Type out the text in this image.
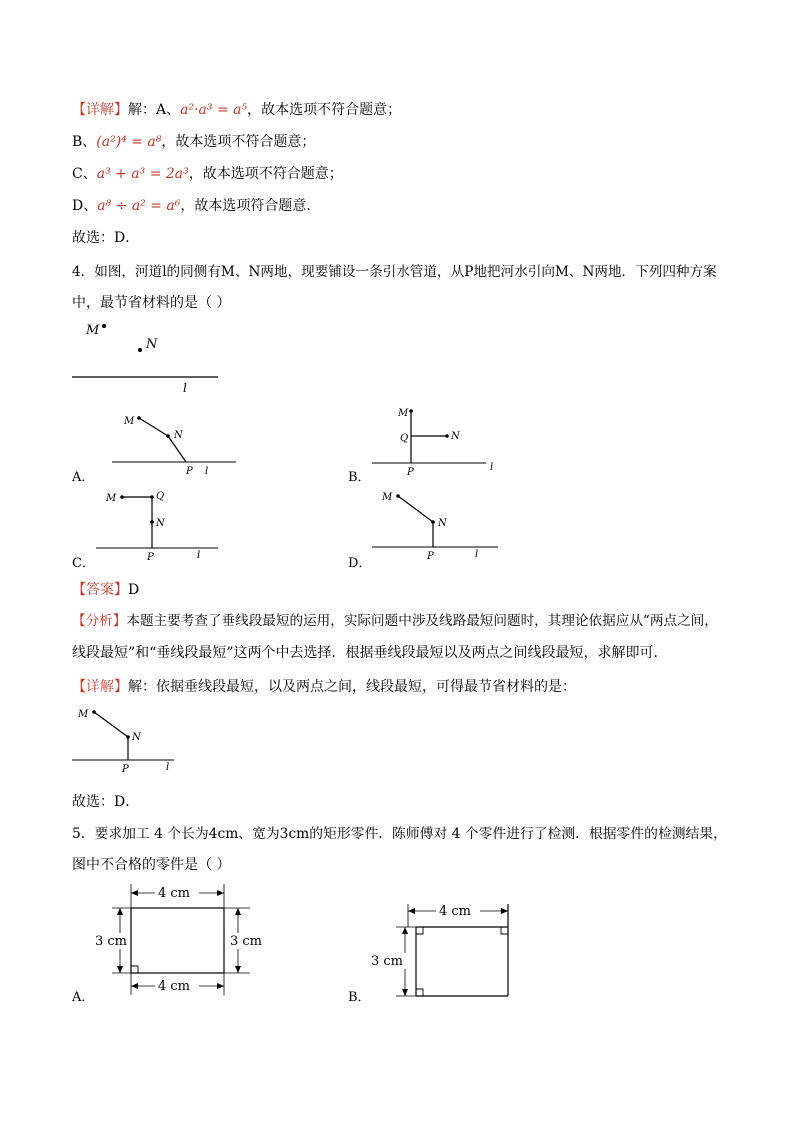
【详解】解：A、a²·a³ = a⁵，故本选项不符合题意；
B、(a²)⁴ = a⁸，故本选项不符合题意；
C、a³ + a³ = 2a³，故本选项不符合题意；
D、a⁸ ÷ a² = a⁶，故本选项符合题意．
故选：D．
4．如图，河道l的同侧有M、N两地，现要铺设一条引水管道，从P地把河水引向M、N两地．下列四种方案
中，最节省材料的是（ ）
M
N
l
M
N
P l
M
Q	N
P	l
M	Q
N
P	l
M
N
P	l
M
N
P	l
4 cm
4 cm
3 cm	3 cm
4 cm
3 cm
A．	B．
C．	D．
【答案】D
【分析】本题主要考查了垂线段最短的运用，实际问题中涉及线路最短问题时，其理论依据应从“两点之间，
线段最短”和“垂线段最短”这两个中去选择．根据垂线段最短以及两点之间线段最短，求解即可．
【详解】解：依据垂线段最短，以及两点之间，线段最短，可得最节省材料的是：
故选：D．
5．要求加工 4 个长为4cm、宽为3cm的矩形零件．陈师傅对 4 个零件进行了检测．根据零件的检测结果，
图中不合格的零件是（ ）
A．	B．
